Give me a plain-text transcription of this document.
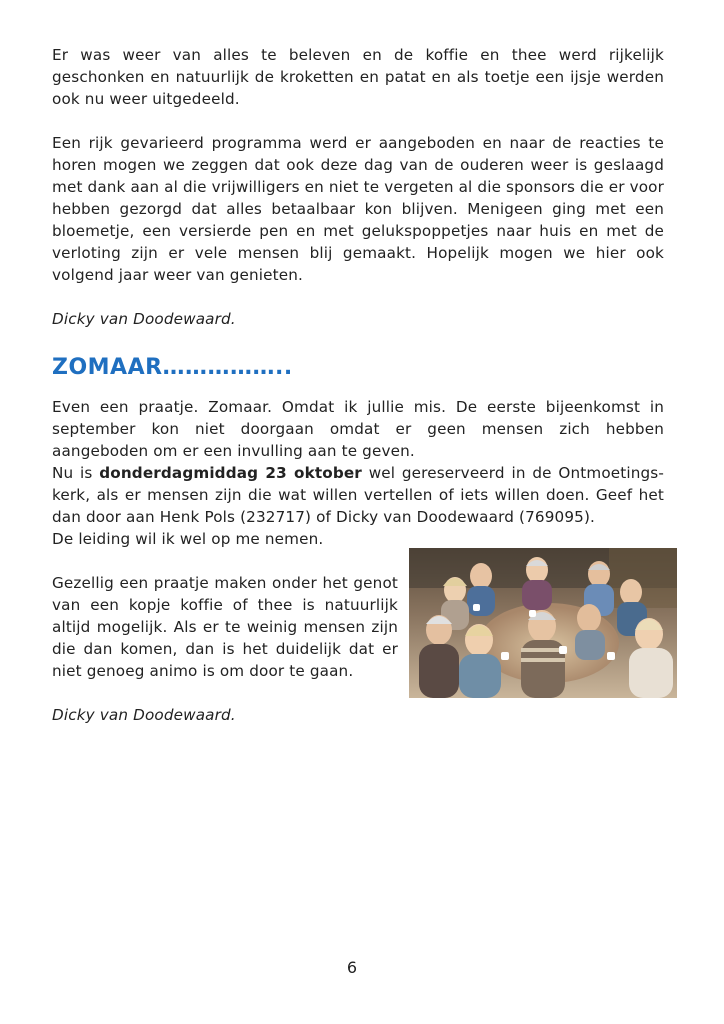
Er was weer van alles te beleven en de koffie en thee werd rijkelijk geschonken en natuurlijk de kroketten en patat en als toetje een ijsje werden ook nu weer uitgedeeld.

Een rijk gevarieerd programma werd er aangeboden en naar de reacties te horen mogen we zeggen dat ook deze dag van de ouderen weer is geslaagd met dank aan al die vrijwilligers en niet te vergeten al die sponsors die er voor hebben gezorgd dat alles betaalbaar kon blijven. Menigeen ging met een bloemetje, een versierde pen en met gelukspoppetjes naar huis en met de verloting zijn er vele mensen blij gemaakt. Hopelijk mogen we hier ook volgend jaar weer van genieten.

Dicky van Doodewaard.

ZOMAAR……………..

Even een praatje. Zomaar. Omdat ik jullie mis. De eerste bijeenkomst in september kon niet doorgaan omdat er geen mensen zich hebben aangeboden om er een invulling aan te geven.

Nu is donderdagmiddag 23 oktober wel gereserveerd in de Ontmoetings-kerk, als er mensen zijn die wat willen vertellen of iets willen doen. Geef het dan door aan Henk Pols (232717) of Dicky van Doodewaard (769095).

De leiding wil ik wel op me nemen.

Gezellig een praatje maken onder het genot van een kopje koffie of thee is natuurlijk altijd mogelijk. Als er te weinig mensen zijn die dan komen, dan is het duidelijk dat er niet genoeg animo is om door te gaan.

Dicky van Doodewaard.

6
